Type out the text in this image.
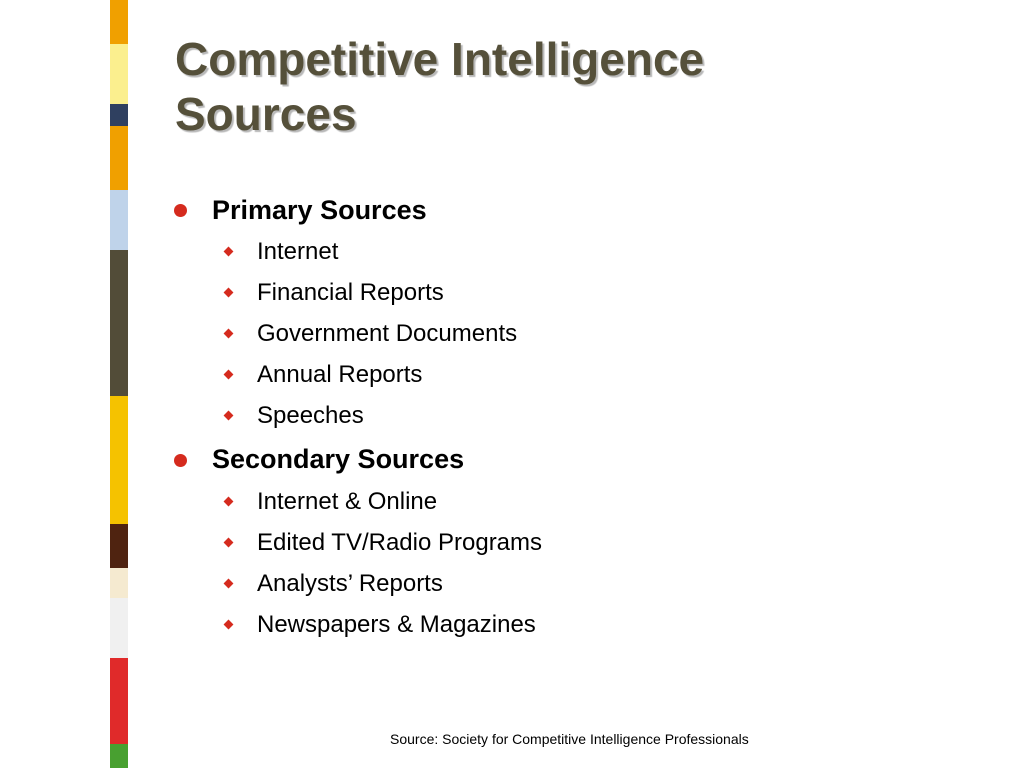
Competitive Intelligence
Sources
Primary Sources
Internet
Financial Reports
Government Documents
Annual Reports
Speeches
Secondary Sources
Internet & Online
Edited TV/Radio Programs
Analysts’ Reports
Newspapers & Magazines
Source: Society for Competitive Intelligence Professionals
